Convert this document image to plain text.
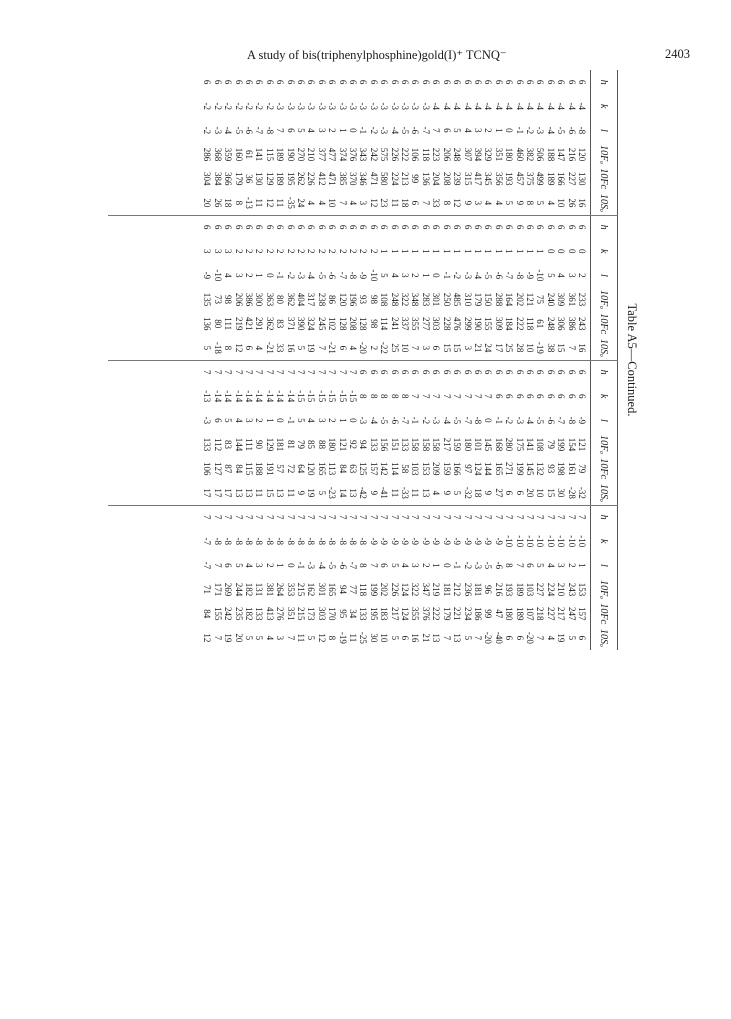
A study of bis(triphenylphosphine)gold(I)⁺ TCNQ⁻	2403
Table A5—Continued.
h	k	l	10Fₒ	10Fᴄ	10Sₒ

6	-4	-8	120	130	16
6	-4	-6	216	227	26
6	-4	-5	147	166	10
6	-4	-4	188	189	4
6	-4	-3	506	499	5
6	-4	-2	382	375	8
6	-4	-1	460	457	9
6	-4	0	180	193	5
6	-4	1	351	356	4
6	-4	2	329	345	4
6	-4	3	394	417	3
6	-4	4	307	315	9
6	-4	5	248	239	12
6	-4	6	206	208	8
6	-4	7	223	204	33
6	-3	-7	118	136	7
6	-3	-6	106	99	6
6	-3	-5	222	213	18
6	-3	-4	226	224	11
6	-3	-3	575	580	23
6	-3	-2	242	471	12
6	-3	-1	343	346	3
6	-3	0	376	370	4
6	-3	1	374	385	7
6	-3	2	477	471	10
6	-3	3	377	412	4
6	-3	4	210	226	4
6	-3	5	270	262	24
6	-3	6	190	195	-35
6	-3	7	189	189	11
6	-2	-8	115	129	12
6	-2	-7	141	130	11
6	-2	-6	61	36	-13
6	-2	-5	160	179	8
6	-2	-4	359	366	18
6	-2	-3	368	384	26
6	-2	-2	286	304	20
h	k	l	10Fₒ	10Fᴄ	10Sₒ

6	0	2	233	243	16
6	0	3	361	386	7
6	0	4	309	306	15
6	0	5	240	248	38
6	1	-10	75	61	-19
6	1	-9	121	118	10
6	1	-8	202	222	28
6	1	-7	164	184	25
6	1	-6	288	309	17
6	1	-5	150	155	24
6	1	-4	179	190	21
6	1	-3	310	299	3
6	1	-2	485	476	15
6	1	-1	250	228	15
6	1	0	301	303	6
6	1	1	283	277	3
6	1	2	348	355	7
6	1	3	322	337	10
6	1	4	248	241	25
6	1	5	108	114	-22
6	2	-10	98	98	2
6	2	-9	93	128	-20
6	2	-8	196	208	4
6	2	-7	120	128	6
6	2	-6	86	102	-21
6	2	-5	238	245	7
6	2	-4	317	324	19
6	2	-3	404	390	5
6	2	-2	362	371	16
6	2	-1	80	83	33
6	2	0	363	362	-21
6	2	1	300	291	4
6	2	2	386	421	6
6	2	3	206	219	12
6	3	4	98	111	8
6	3	-10	73	80	-18
6	3	-9	135	136	5
h	k	l	10Fₒ	10Fᴄ	10Sₒ

6	6	-9	121	79	-32
6	6	-8	154	161	-28
6	6	-7	199	198	30
6	6	-6	79	93	15
6	6	-5	108	132	10
6	6	-4	141	145	20
6	6	-3	175	199	6
6	6	-2	280	271	6
6	6	-1	168	165	27
6	7	0	145	144	9
6	7	-8	101	124	18
6	7	-7	180	97	-32
6	7	-5	159	166	5
6	7	-4	217	159	9
6	7	-3	158	209	4
6	7	-2	158	153	13
6	7	-1	158	103	11
6	8	-7	133	58	-33
6	8	-6	151	114	11
6	8	-5	156	142	-41
6	8	-4	133	157	9
6	8	-3	94	125	-42
7	-15	0	92	63	13
7	-15	1	121	84	14
7	-15	2	180	113	-23
7	-15	3	88	165	5
7	-15	4	85	120	19
7	-15	5	79	64	9
7	-14	-1	81	72	11
7	-14	0	181	57	13
7	-14	1	129	191	15
7	-14	2	90	188	11
7	-14	3	111	115	13
7	-14	4	144	84	13
7	-14	5	83	87	17
7	-14	6	112	127	17
7	-13	-3	133	106	17
h	k	l	10Fₒ	10Fᴄ	10Sₒ

7	-10	1	153	157	6
7	-10	2	243	247	5
7	-10	3	210	217	19
7	-10	4	224	227	4
7	-10	5	227	218	7
7	-10	6	103	107	-20
7	-10	7	189	189	6
7	-10	8	193	180	6
7	-9	-6	216	47	-40
7	-9	-5	96	99	-20
7	-9	-3	181	186	7
7	-9	-2	236	234	5
7	-9	-1	212	221	13
7	-9	0	181	179	7
7	-9	1	219	222	13
7	-9	2	347	376	21
7	-9	3	322	355	16
7	-9	4	124	124	6
7	-9	5	226	217	5
7	-9	6	202	183	10
7	-9	7	199	195	30
7	-8	8	118	133	-25
7	-8	-7	77	34	11
7	-8	-6	94	95	-19
7	-8	-5	165	170	8
7	-8	-4	301	303	12
7	-8	-3	162	173	5
7	-8	-1	215	215	11
7	-8	0	353	351	7
7	-8	1	264	276	3
7	-8	2	381	413	4
7	-8	3	131	133	5
7	-8	4	182	182	5
7	-8	5	244	235	20
7	-8	6	269	242	19
7	-8	7	171	155	7
7	-7	-7	71	84	12
